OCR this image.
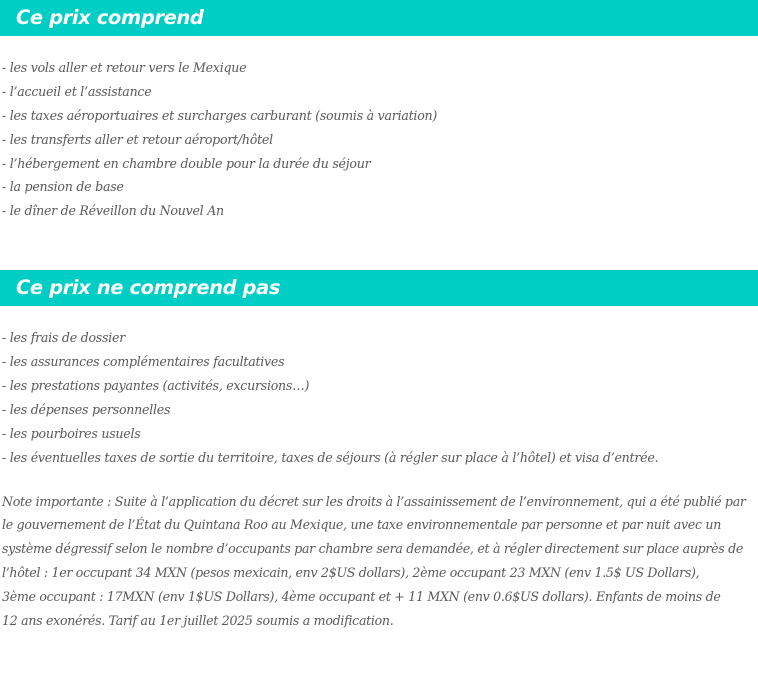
Ce prix comprend
- les vols aller et retour vers le Mexique
- l’accueil et l’assistance
- les taxes aéroportuaires et surcharges carburant (soumis à variation)
- les transferts aller et retour aéroport/hôtel
- l’hébergement en chambre double pour la durée du séjour
- la pension de base
- le dîner de Réveillon du Nouvel An
Ce prix ne comprend pas
- les frais de dossier
- les assurances complémentaires facultatives
- les prestations payantes (activités, excursions…)
- les dépenses personnelles
- les pourboires usuels
- les éventuelles taxes de sortie du territoire, taxes de séjours (à régler sur place à l’hôtel) et visa d’entrée.
Note importante : Suite à l’application du décret sur les droits à l’assainissement de l’environnement, qui a été publié par
le gouvernement de l’État du Quintana Roo au Mexique, une taxe environnementale par personne et par nuit avec un
système dégressif selon le nombre d’occupants par chambre sera demandée, et à régler directement sur place auprès de
l’hôtel : 1er occupant 34 MXN (pesos mexicain, env 2$US dollars), 2ème occupant 23 MXN (env 1.5$ US Dollars),
3ème occupant : 17MXN (env 1$US Dollars), 4ème occupant et + 11 MXN (env 0.6$US dollars). Enfants de moins de
12 ans exonérés. Tarif au 1er juillet 2025 soumis a modification.
